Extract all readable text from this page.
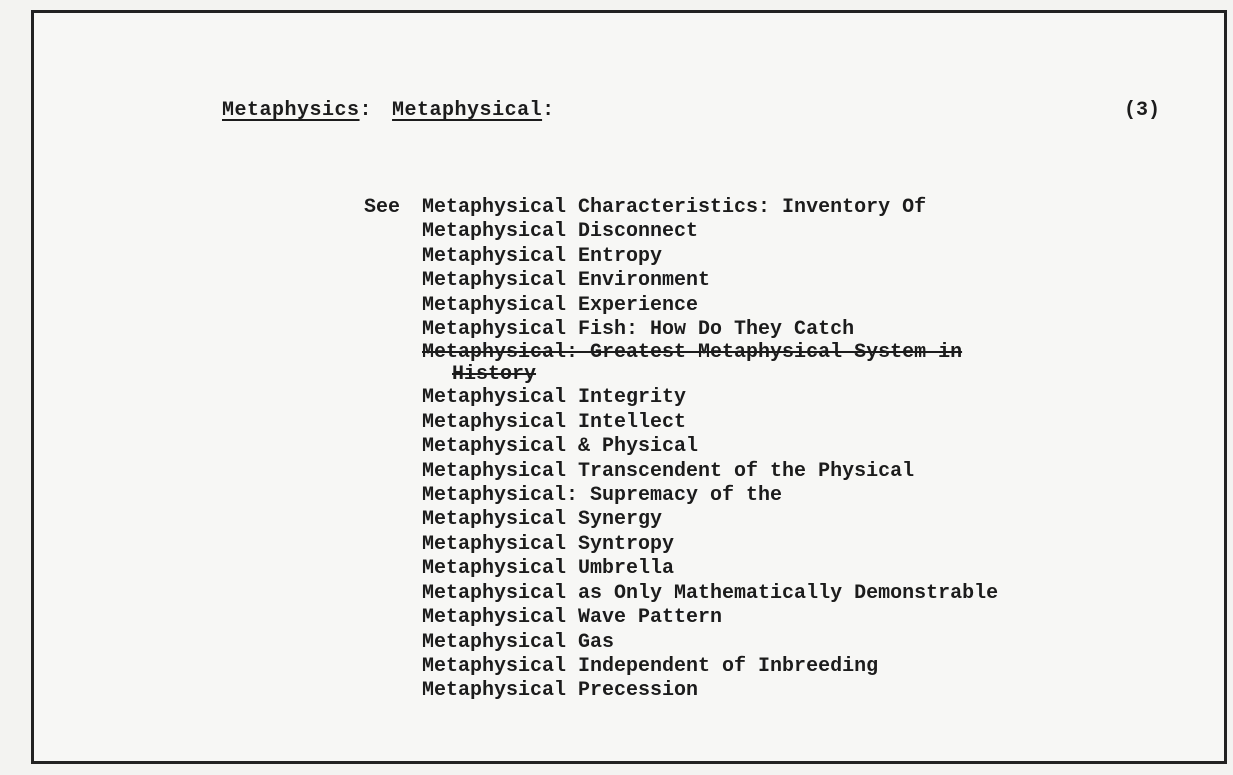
Metaphysics: Metaphysical:	(3)
See Metaphysical Characteristics: Inventory Of
Metaphysical Disconnect
Metaphysical Entropy
Metaphysical Environment
Metaphysical Experience
Metaphysical Fish: How Do They Catch
Metaphysical: Greatest Metaphysical System in
History
Metaphysical Integrity
Metaphysical Intellect
Metaphysical & Physical
Metaphysical Transcendent of the Physical
Metaphysical: Supremacy of the
Metaphysical Synergy
Metaphysical Syntropy
Metaphysical Umbrella
Metaphysical as Only Mathematically Demonstrable
Metaphysical Wave Pattern
Metaphysical Gas
Metaphysical Independent of Inbreeding
Metaphysical Precession
